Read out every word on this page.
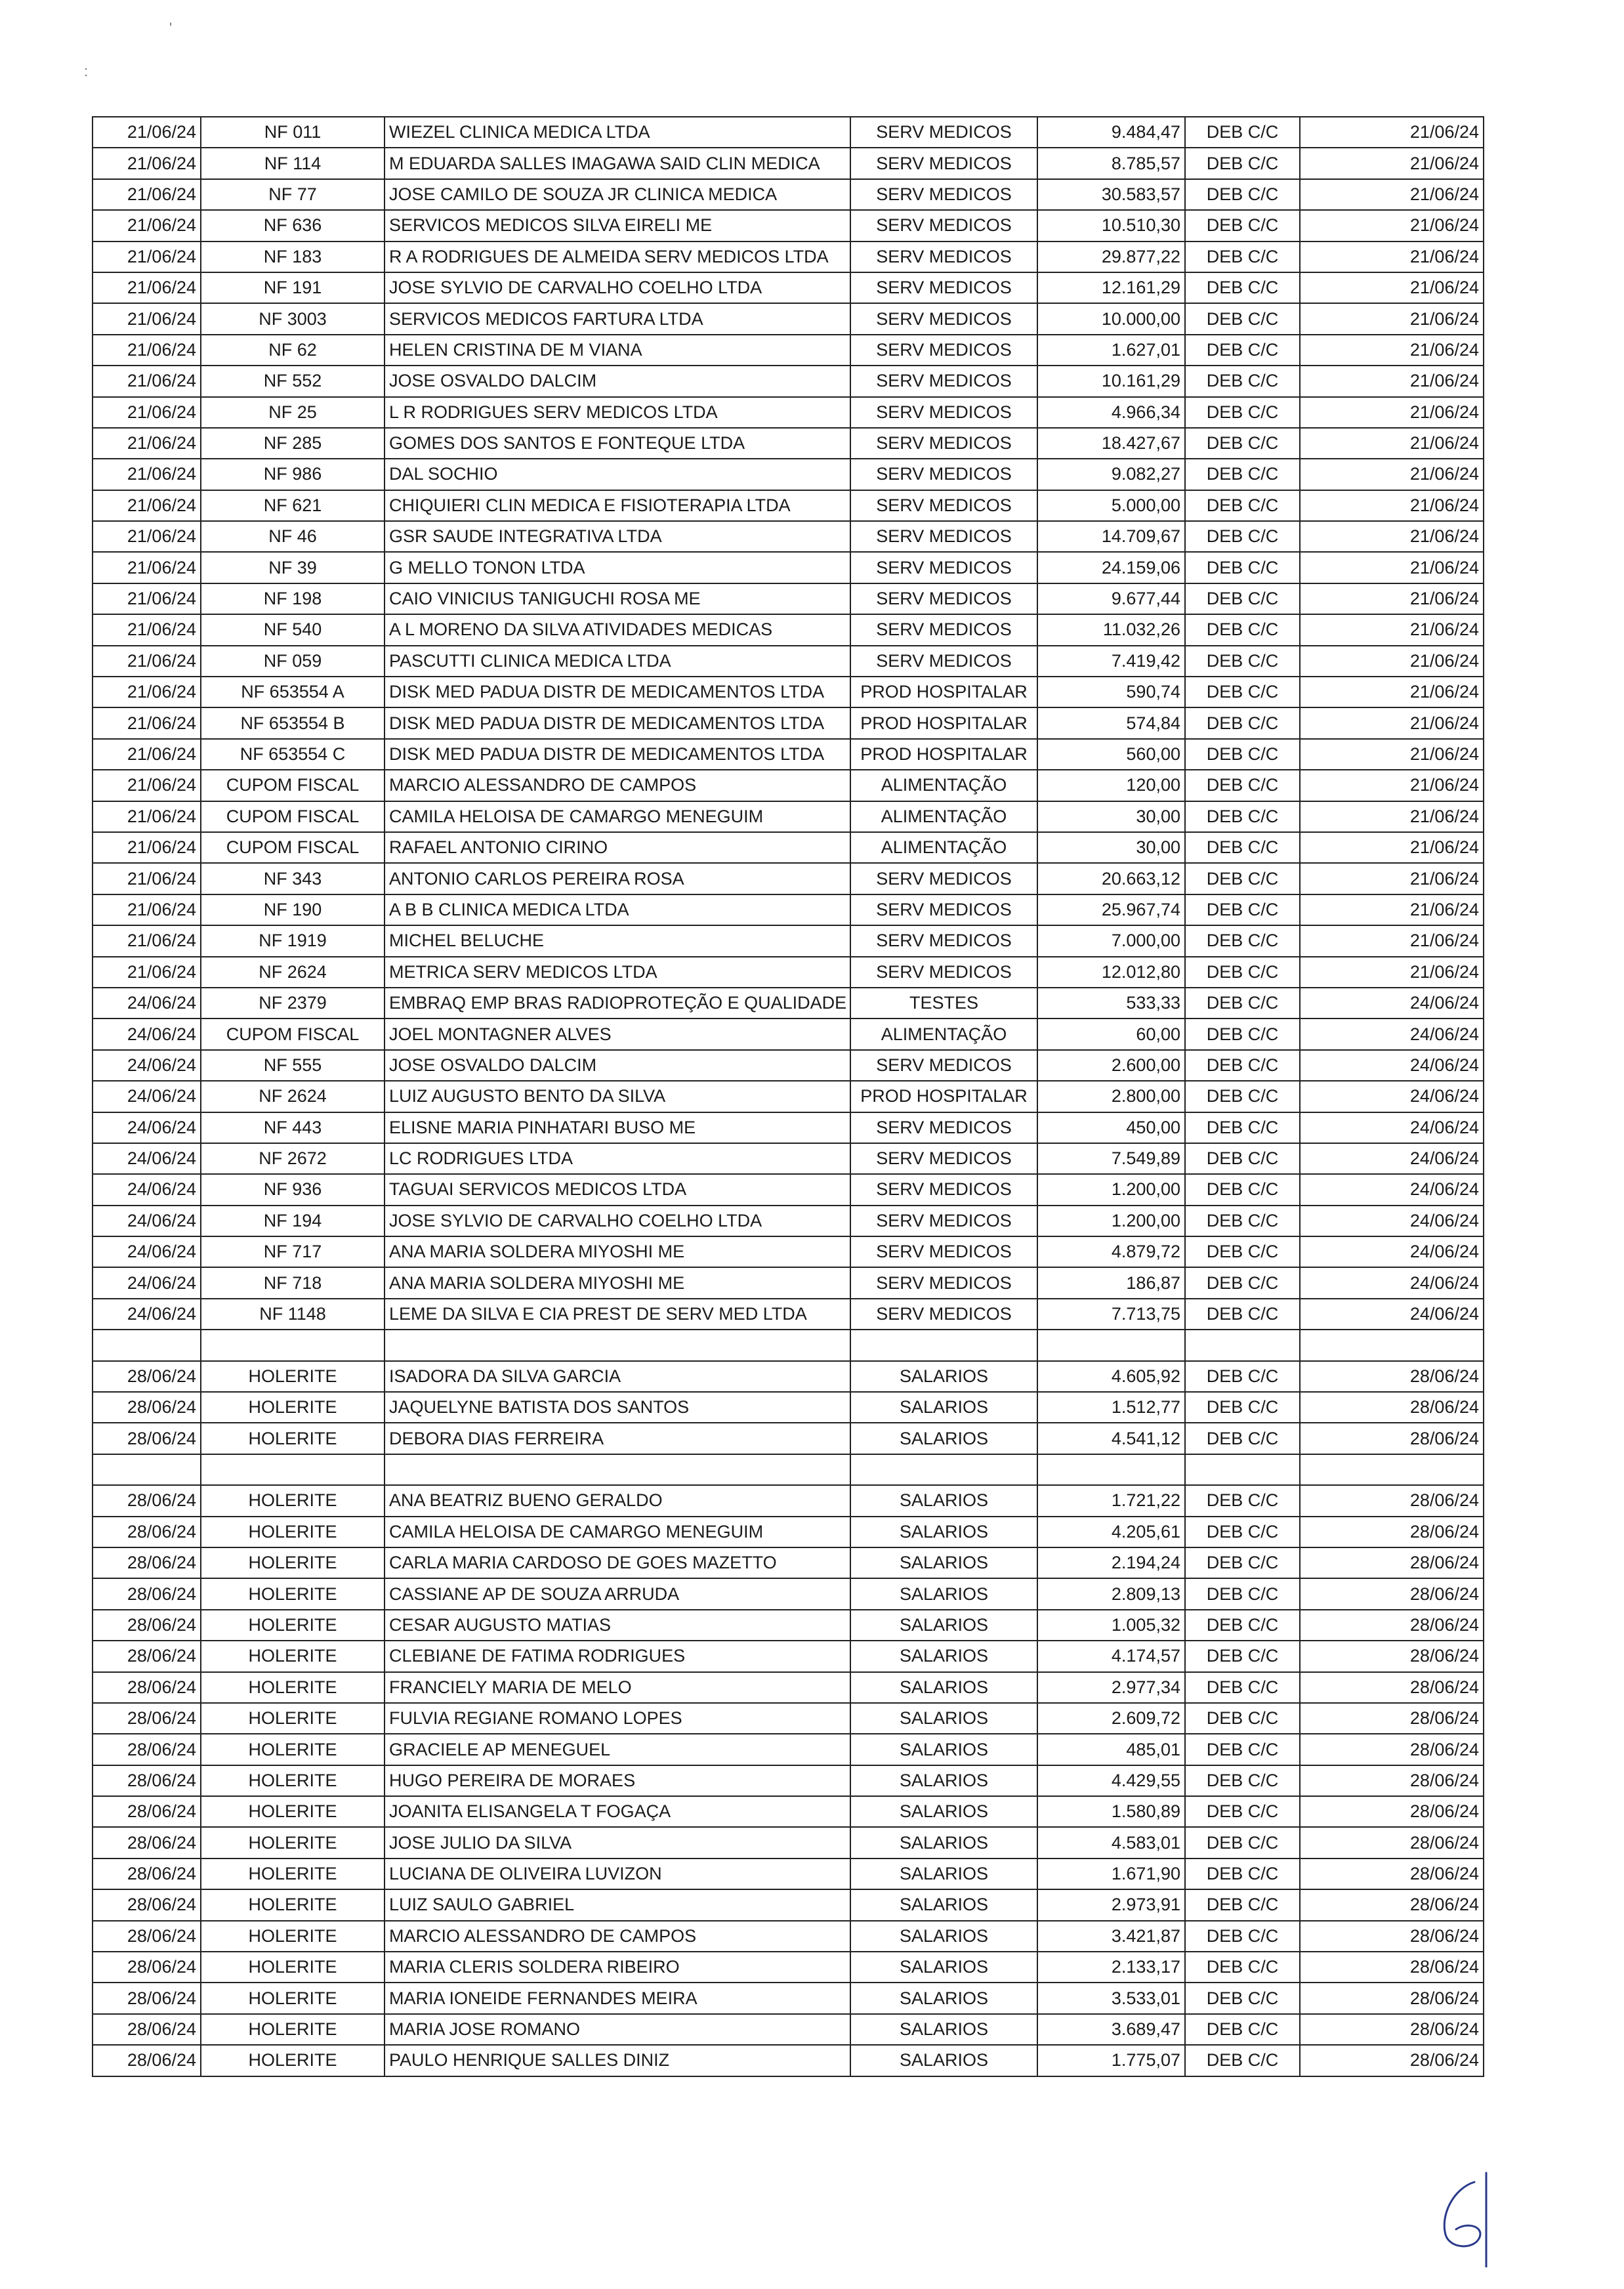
'
:
21/06/24	NF 011	WIEZEL CLINICA MEDICA LTDA	SERV MEDICOS	9.484,47	DEB C/C	21/06/24
21/06/24	NF 114	M EDUARDA SALLES IMAGAWA SAID CLIN MEDICA	SERV MEDICOS	8.785,57	DEB C/C	21/06/24
21/06/24	NF 77	JOSE CAMILO DE SOUZA JR CLINICA MEDICA	SERV MEDICOS	30.583,57	DEB C/C	21/06/24
21/06/24	NF 636	SERVICOS MEDICOS SILVA EIRELI ME	SERV MEDICOS	10.510,30	DEB C/C	21/06/24
21/06/24	NF 183	R A RODRIGUES DE ALMEIDA SERV MEDICOS LTDA	SERV MEDICOS	29.877,22	DEB C/C	21/06/24
21/06/24	NF 191	JOSE SYLVIO DE CARVALHO COELHO LTDA	SERV MEDICOS	12.161,29	DEB C/C	21/06/24
21/06/24	NF 3003	SERVICOS MEDICOS FARTURA LTDA	SERV MEDICOS	10.000,00	DEB C/C	21/06/24
21/06/24	NF 62	HELEN CRISTINA DE M VIANA	SERV MEDICOS	1.627,01	DEB C/C	21/06/24
21/06/24	NF 552	JOSE OSVALDO DALCIM	SERV MEDICOS	10.161,29	DEB C/C	21/06/24
21/06/24	NF 25	L R RODRIGUES SERV MEDICOS LTDA	SERV MEDICOS	4.966,34	DEB C/C	21/06/24
21/06/24	NF 285	GOMES DOS SANTOS E FONTEQUE LTDA	SERV MEDICOS	18.427,67	DEB C/C	21/06/24
21/06/24	NF 986	DAL SOCHIO	SERV MEDICOS	9.082,27	DEB C/C	21/06/24
21/06/24	NF 621	CHIQUIERI CLIN MEDICA E FISIOTERAPIA LTDA	SERV MEDICOS	5.000,00	DEB C/C	21/06/24
21/06/24	NF 46	GSR SAUDE INTEGRATIVA LTDA	SERV MEDICOS	14.709,67	DEB C/C	21/06/24
21/06/24	NF 39	G MELLO TONON LTDA	SERV MEDICOS	24.159,06	DEB C/C	21/06/24
21/06/24	NF 198	CAIO VINICIUS TANIGUCHI ROSA ME	SERV MEDICOS	9.677,44	DEB C/C	21/06/24
21/06/24	NF 540	A L MORENO DA SILVA ATIVIDADES MEDICAS	SERV MEDICOS	11.032,26	DEB C/C	21/06/24
21/06/24	NF 059	PASCUTTI CLINICA MEDICA LTDA	SERV MEDICOS	7.419,42	DEB C/C	21/06/24
21/06/24	NF 653554 A	DISK MED PADUA DISTR DE MEDICAMENTOS LTDA	PROD HOSPITALAR	590,74	DEB C/C	21/06/24
21/06/24	NF 653554 B	DISK MED PADUA DISTR DE MEDICAMENTOS LTDA	PROD HOSPITALAR	574,84	DEB C/C	21/06/24
21/06/24	NF 653554 C	DISK MED PADUA DISTR DE MEDICAMENTOS LTDA	PROD HOSPITALAR	560,00	DEB C/C	21/06/24
21/06/24	CUPOM FISCAL	MARCIO ALESSANDRO DE CAMPOS	ALIMENTAÇÃO	120,00	DEB C/C	21/06/24
21/06/24	CUPOM FISCAL	CAMILA HELOISA DE CAMARGO MENEGUIM	ALIMENTAÇÃO	30,00	DEB C/C	21/06/24
21/06/24	CUPOM FISCAL	RAFAEL ANTONIO CIRINO	ALIMENTAÇÃO	30,00	DEB C/C	21/06/24
21/06/24	NF 343	ANTONIO CARLOS PEREIRA ROSA	SERV MEDICOS	20.663,12	DEB C/C	21/06/24
21/06/24	NF 190	A B B CLINICA MEDICA LTDA	SERV MEDICOS	25.967,74	DEB C/C	21/06/24
21/06/24	NF 1919	MICHEL BELUCHE	SERV MEDICOS	7.000,00	DEB C/C	21/06/24
21/06/24	NF 2624	METRICA SERV MEDICOS LTDA	SERV MEDICOS	12.012,80	DEB C/C	21/06/24
24/06/24	NF 2379	EMBRAQ EMP BRAS RADIOPROTEÇÃO E QUALIDADE	TESTES	533,33	DEB C/C	24/06/24
24/06/24	CUPOM FISCAL	JOEL MONTAGNER ALVES	ALIMENTAÇÃO	60,00	DEB C/C	24/06/24
24/06/24	NF 555	JOSE OSVALDO DALCIM	SERV MEDICOS	2.600,00	DEB C/C	24/06/24
24/06/24	NF 2624	LUIZ AUGUSTO BENTO DA SILVA	PROD HOSPITALAR	2.800,00	DEB C/C	24/06/24
24/06/24	NF 443	ELISNE MARIA PINHATARI BUSO ME	SERV MEDICOS	450,00	DEB C/C	24/06/24
24/06/24	NF 2672	LC RODRIGUES LTDA	SERV MEDICOS	7.549,89	DEB C/C	24/06/24
24/06/24	NF 936	TAGUAI SERVICOS MEDICOS LTDA	SERV MEDICOS	1.200,00	DEB C/C	24/06/24
24/06/24	NF 194	JOSE SYLVIO DE CARVALHO COELHO LTDA	SERV MEDICOS	1.200,00	DEB C/C	24/06/24
24/06/24	NF 717	ANA MARIA SOLDERA MIYOSHI ME	SERV MEDICOS	4.879,72	DEB C/C	24/06/24
24/06/24	NF 718	ANA MARIA SOLDERA MIYOSHI ME	SERV MEDICOS	186,87	DEB C/C	24/06/24
24/06/24	NF 1148	LEME DA SILVA E CIA PREST DE SERV MED LTDA	SERV MEDICOS	7.713,75	DEB C/C	24/06/24

28/06/24	HOLERITE	ISADORA DA SILVA GARCIA	SALARIOS	4.605,92	DEB C/C	28/06/24
28/06/24	HOLERITE	JAQUELYNE BATISTA DOS SANTOS	SALARIOS	1.512,77	DEB C/C	28/06/24
28/06/24	HOLERITE	DEBORA DIAS FERREIRA	SALARIOS	4.541,12	DEB C/C	28/06/24

28/06/24	HOLERITE	ANA BEATRIZ BUENO GERALDO	SALARIOS	1.721,22	DEB C/C	28/06/24
28/06/24	HOLERITE	CAMILA HELOISA DE CAMARGO MENEGUIM	SALARIOS	4.205,61	DEB C/C	28/06/24
28/06/24	HOLERITE	CARLA MARIA CARDOSO DE GOES MAZETTO	SALARIOS	2.194,24	DEB C/C	28/06/24
28/06/24	HOLERITE	CASSIANE AP DE SOUZA ARRUDA	SALARIOS	2.809,13	DEB C/C	28/06/24
28/06/24	HOLERITE	CESAR AUGUSTO MATIAS	SALARIOS	1.005,32	DEB C/C	28/06/24
28/06/24	HOLERITE	CLEBIANE DE FATIMA RODRIGUES	SALARIOS	4.174,57	DEB C/C	28/06/24
28/06/24	HOLERITE	FRANCIELY MARIA DE MELO	SALARIOS	2.977,34	DEB C/C	28/06/24
28/06/24	HOLERITE	FULVIA REGIANE ROMANO LOPES	SALARIOS	2.609,72	DEB C/C	28/06/24
28/06/24	HOLERITE	GRACIELE AP MENEGUEL	SALARIOS	485,01	DEB C/C	28/06/24
28/06/24	HOLERITE	HUGO PEREIRA DE MORAES	SALARIOS	4.429,55	DEB C/C	28/06/24
28/06/24	HOLERITE	JOANITA ELISANGELA T FOGAÇA	SALARIOS	1.580,89	DEB C/C	28/06/24
28/06/24	HOLERITE	JOSE JULIO DA SILVA	SALARIOS	4.583,01	DEB C/C	28/06/24
28/06/24	HOLERITE	LUCIANA DE OLIVEIRA LUVIZON	SALARIOS	1.671,90	DEB C/C	28/06/24
28/06/24	HOLERITE	LUIZ SAULO GABRIEL	SALARIOS	2.973,91	DEB C/C	28/06/24
28/06/24	HOLERITE	MARCIO ALESSANDRO DE CAMPOS	SALARIOS	3.421,87	DEB C/C	28/06/24
28/06/24	HOLERITE	MARIA CLERIS SOLDERA RIBEIRO	SALARIOS	2.133,17	DEB C/C	28/06/24
28/06/24	HOLERITE	MARIA IONEIDE FERNANDES MEIRA	SALARIOS	3.533,01	DEB C/C	28/06/24
28/06/24	HOLERITE	MARIA JOSE ROMANO	SALARIOS	3.689,47	DEB C/C	28/06/24
28/06/24	HOLERITE	PAULO HENRIQUE SALLES DINIZ	SALARIOS	1.775,07	DEB C/C	28/06/24
